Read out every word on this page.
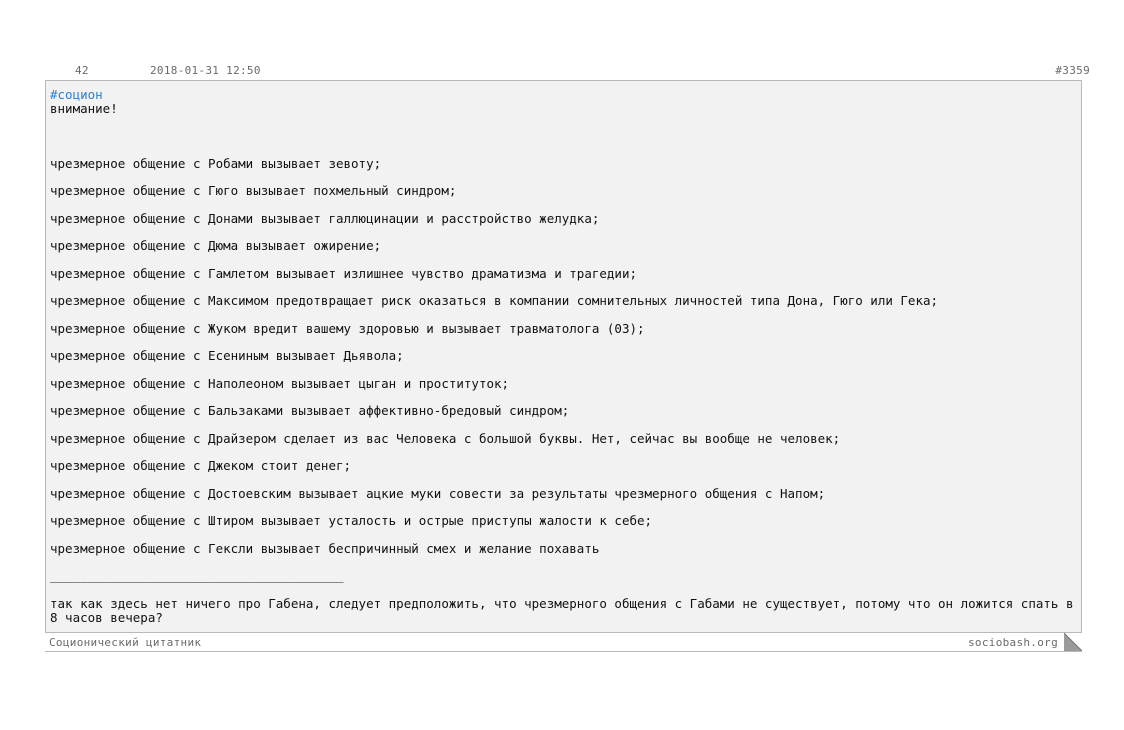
42	2018-01-31 12:50	#3359
#социон
внимание!
чрезмерное общение с Робами вызывает зевоту;
чрезмерное общение с Гюго вызывает похмельный синдром;
чрезмерное общение с Донами вызывает галлюцинации и расстройство желудка;
чрезмерное общение с Дюма вызывает ожирение;
чрезмерное общение с Гамлетом вызывает излишнее чувство драматизма и трагедии;
чрезмерное общение с Максимом предотвращает риск оказаться в компании сомнительных личностей типа Дона, Гюго или Гека;
чрезмерное общение с Жуком вредит вашему здоровью и вызывает травматолога (03);
чрезмерное общение с Есениным вызывает Дьявола;
чрезмерное общение с Наполеоном вызывает цыган и проституток;
чрезмерное общение с Бальзаками вызывает аффективно-бредовый синдром;
чрезмерное общение с Драйзером сделает из вас Человека с большой буквы. Нет, сейчас вы вообще не человек;
чрезмерное общение с Джеком стоит денег;
чрезмерное общение с Достоевским вызывает ацкие муки совести за результаты чрезмерного общения с Напом;
чрезмерное общение с Штиром вызывает усталость и острые приступы жалости к себе;
чрезмерное общение с Гексли вызывает беспричинный смех и желание похавать
_______________________________________
так как здесь нет ничего про Габена, следует предположить, что чрезмерного общения с Габами не существует, потому что он ложится спать в 8 часов вечера?
Соционический цитатник	sociobash.org
